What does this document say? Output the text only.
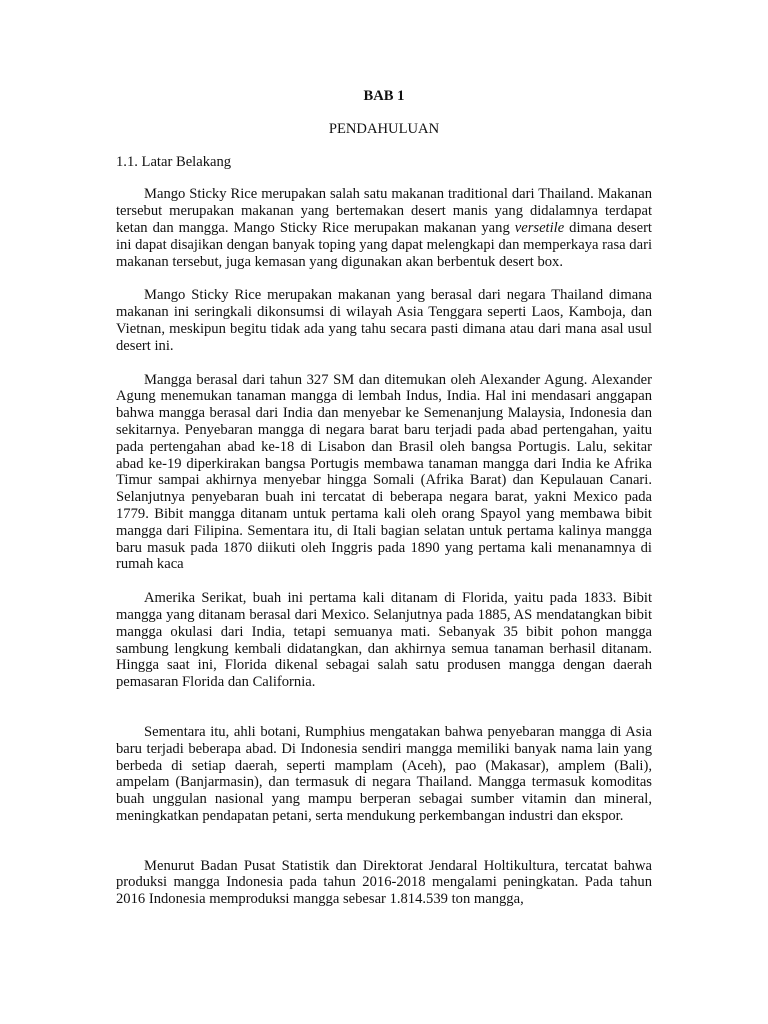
BAB 1
PENDAHULUAN
1.1. Latar Belakang

Mango Sticky Rice merupakan salah satu makanan traditional dari Thailand. Makanan tersebut merupakan makanan yang bertemakan desert manis yang didalamnya terdapat ketan dan mangga. Mango Sticky Rice merupakan makanan yang versetile dimana desert ini dapat disajikan dengan banyak toping yang dapat melengkapi dan memperkaya rasa dari makanan tersebut, juga kemasan yang digunakan akan berbentuk desert box.

Mango Sticky Rice merupakan makanan yang berasal dari negara Thailand dimana makanan ini seringkali dikonsumsi di wilayah Asia Tenggara seperti Laos, Kamboja, dan Vietnan, meskipun begitu tidak ada yang tahu secara pasti dimana atau dari mana asal usul desert ini.

Mangga berasal dari tahun 327 SM dan ditemukan oleh Alexander Agung. Alexander Agung menemukan tanaman mangga di lembah Indus, India. Hal ini mendasari anggapan bahwa mangga berasal dari India dan menyebar ke Semenanjung Malaysia, Indonesia dan sekitarnya. Penyebaran mangga di negara barat baru terjadi pada abad pertengahan, yaitu pada pertengahan abad ke-18 di Lisabon dan Brasil oleh bangsa Portugis. Lalu, sekitar abad ke-19 diperkirakan bangsa Portugis membawa tanaman mangga dari India ke Afrika Timur sampai akhirnya menyebar hingga Somali (Afrika Barat) dan Kepulauan Canari. Selanjutnya penyebaran buah ini tercatat di beberapa negara barat, yakni Mexico pada 1779. Bibit mangga ditanam untuk pertama kali oleh orang Spayol yang membawa bibit mangga dari Filipina. Sementara itu, di Itali bagian selatan untuk pertama kalinya mangga baru masuk pada 1870 diikuti oleh Inggris pada 1890 yang pertama kali menanamnya di rumah kaca

Amerika Serikat, buah ini pertama kali ditanam di Florida, yaitu pada 1833. Bibit mangga yang ditanam berasal dari Mexico. Selanjutnya pada 1885, AS mendatangkan bibit mangga okulasi dari India, tetapi semuanya mati. Sebanyak 35 bibit pohon mangga sambung lengkung kembali didatangkan, dan akhirnya semua tanaman berhasil ditanam. Hingga saat ini, Florida dikenal sebagai salah satu produsen mangga dengan daerah pemasaran Florida dan California.

Sementara itu, ahli botani, Rumphius mengatakan bahwa penyebaran mangga di Asia baru terjadi beberapa abad. Di Indonesia sendiri mangga memiliki banyak nama lain yang berbeda di setiap daerah, seperti mamplam (Aceh), pao (Makasar), amplem (Bali), ampelam (Banjarmasin), dan termasuk di negara Thailand. Mangga termasuk komoditas buah unggulan nasional yang mampu berperan sebagai sumber vitamin dan mineral, meningkatkan pendapatan petani, serta mendukung perkembangan industri dan ekspor.

Menurut Badan Pusat Statistik dan Direktorat Jendaral Holtikultura, tercatat bahwa produksi mangga Indonesia pada tahun 2016-2018 mengalami peningkatan. Pada tahun 2016 Indonesia memproduksi mangga sebesar 1.814.539 ton mangga,
